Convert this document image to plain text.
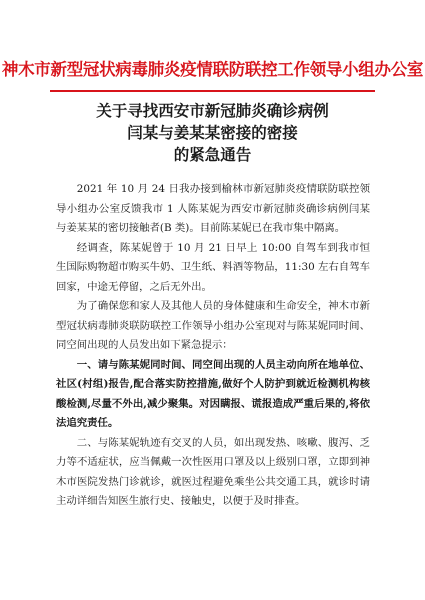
神木市新型冠状病毒肺炎疫情联防联控工作领导小组办公室
关于寻找西安市新冠肺炎确诊病例
闫某与姜某某密接的密接
的紧急通告

2021 年 10 月 24 日我办接到榆林市新冠肺炎疫情联防联控领导小组办公室反馈我市 1 人陈某妮为西安市新冠肺炎确诊病例闫某与姜某某的密切接触者(B 类)。目前陈某妮已在我市集中隔离。

经调查，陈某妮曾于 10 月 21 日早上 10:00 自驾车到我市恒生国际购物超市购买牛奶、卫生纸、料酒等物品，11:30 左右自驾车回家，中途无停留，之后无外出。

为了确保您和家人及其他人员的身体健康和生命安全，神木市新型冠状病毒肺炎联防联控工作领导小组办公室现对与陈某妮同时间、同空间出现的人员发出如下紧急提示：

一、请与陈某妮同时间、同空间出现的人员主动向所在地单位、社区(村组)报告,配合落实防控措施,做好个人防护到就近检测机构核酸检测,尽量不外出,减少聚集。对因瞒报、谎报造成严重后果的,将依法追究责任。

二、与陈某妮轨迹有交叉的人员，如出现发热、咳嗽、腹泻、乏力等不适症状，应当佩戴一次性医用口罩及以上级别口罩，立即到神木市医院发热门诊就诊，就医过程避免乘坐公共交通工具，就诊时请主动详细告知医生旅行史、接触史，以便于及时排查。
